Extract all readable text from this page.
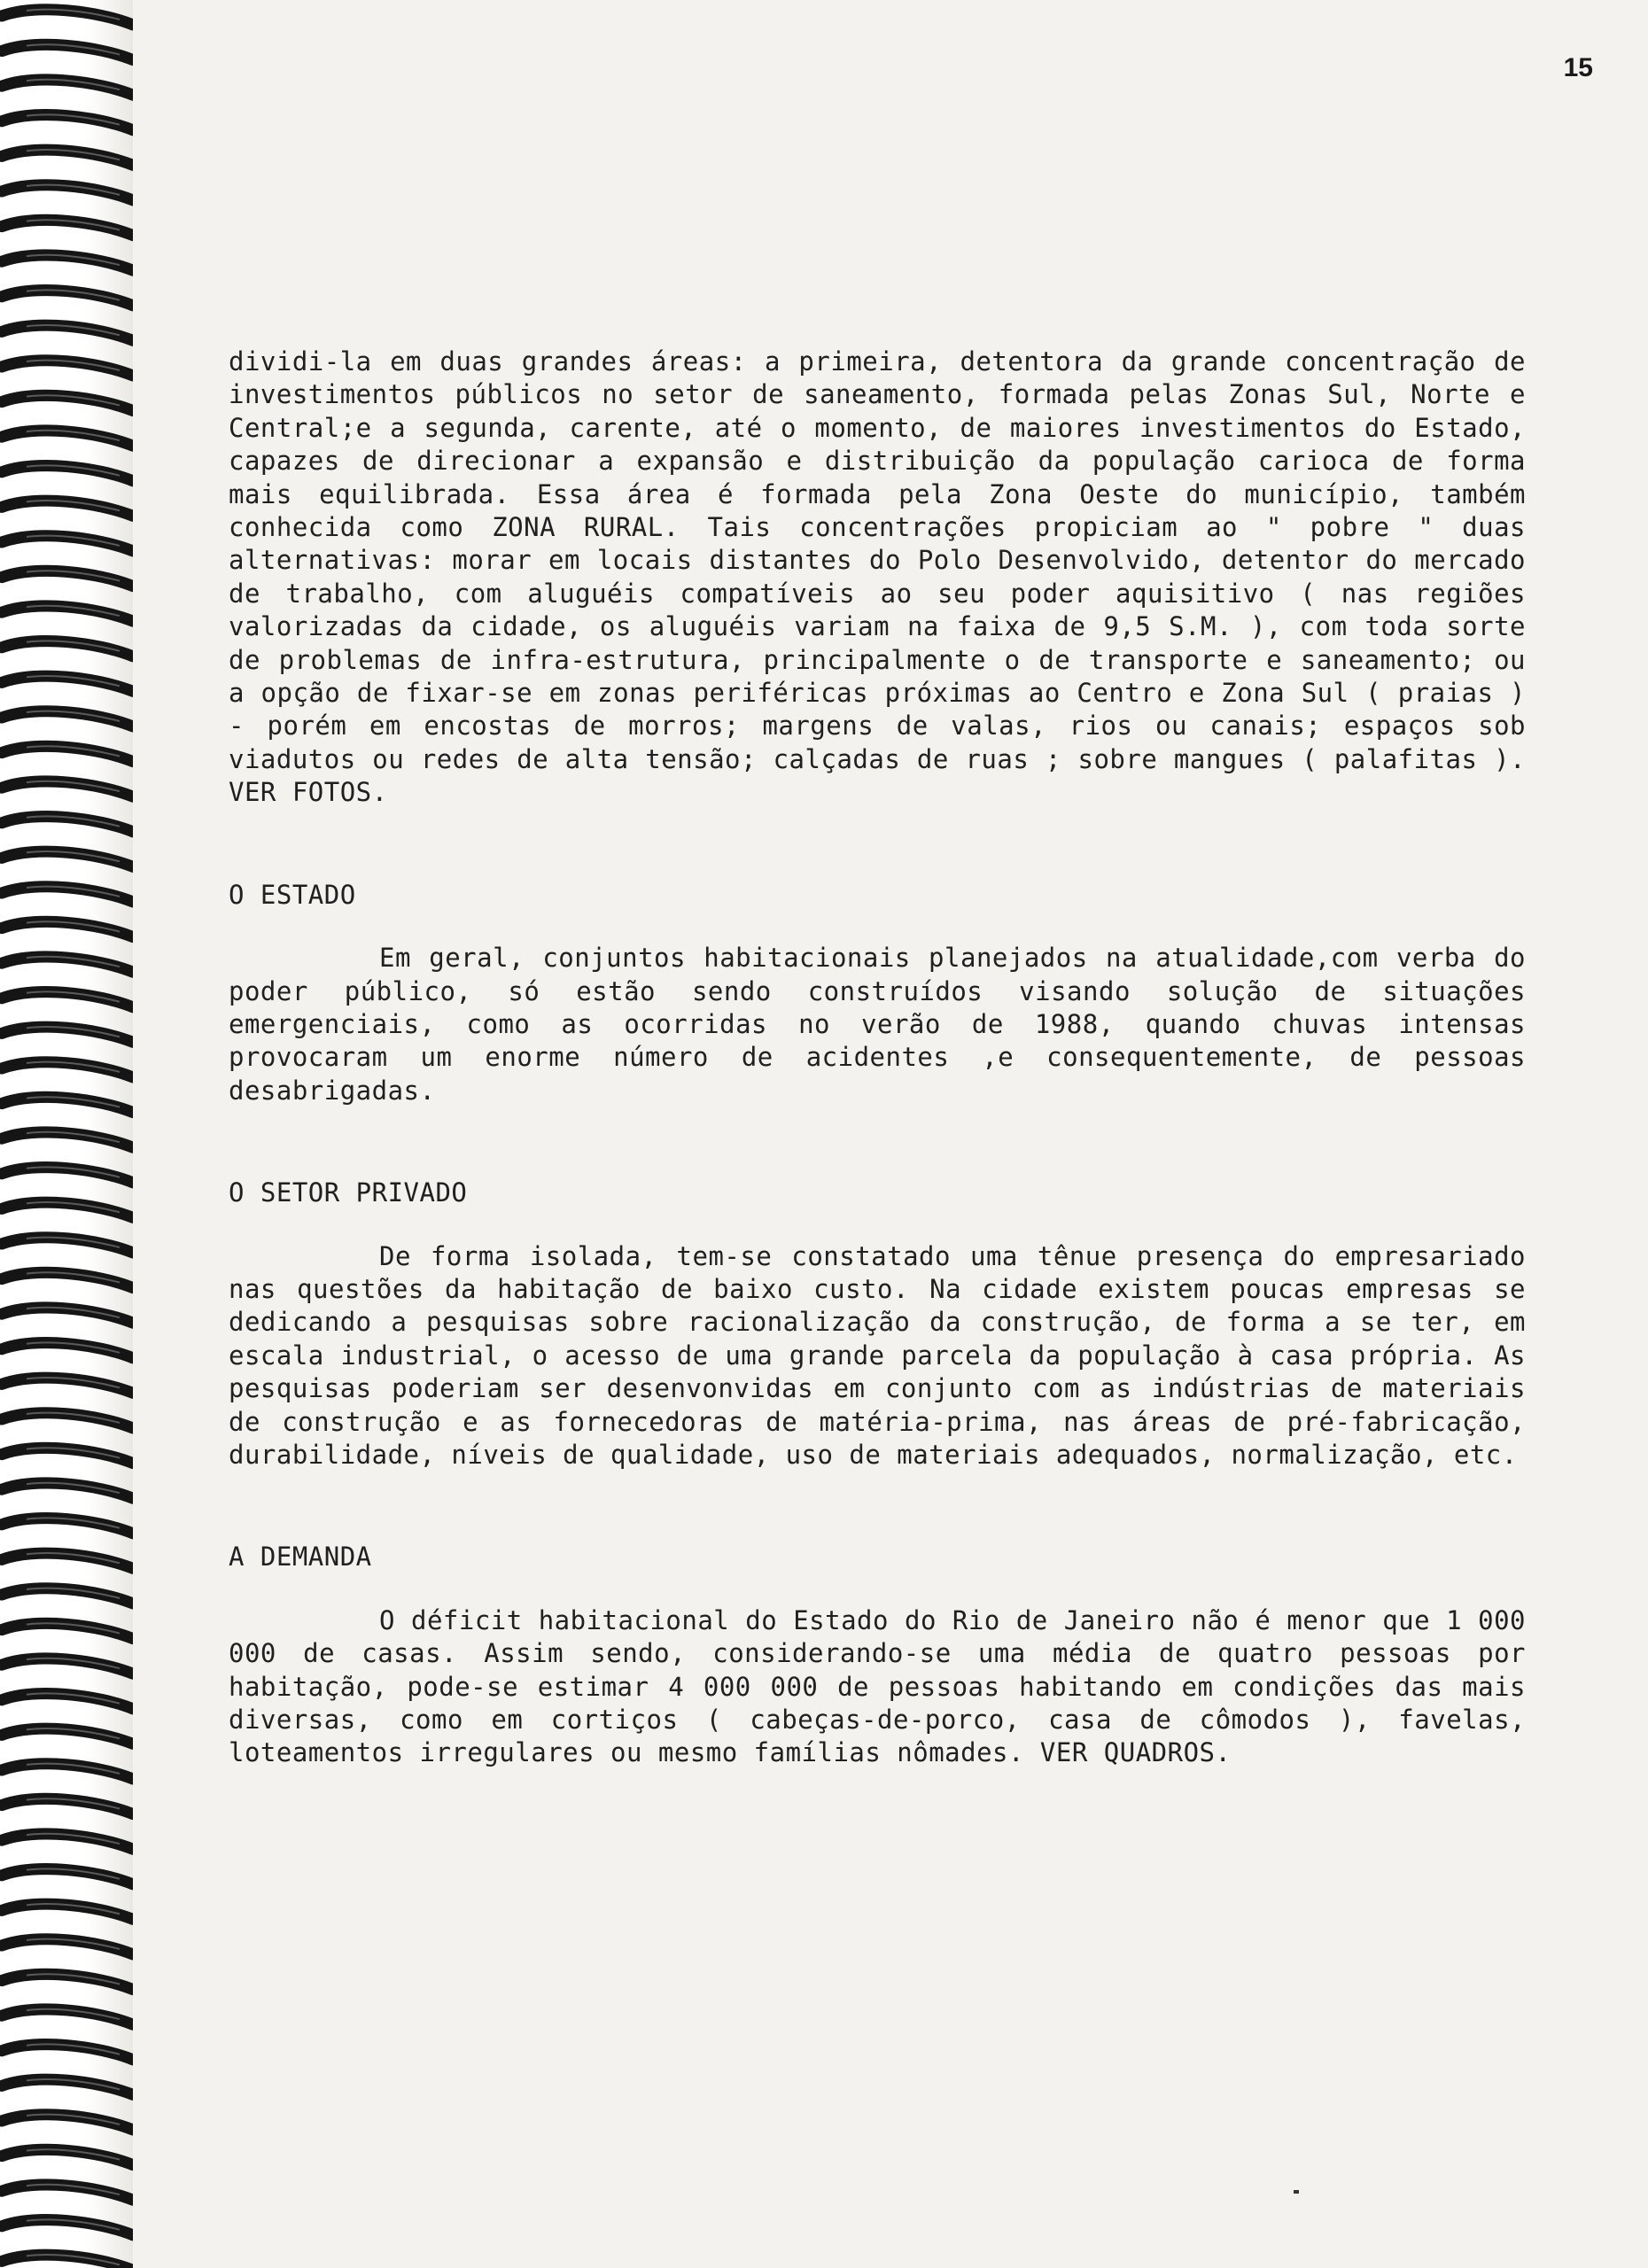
15

dividi-la em duas grandes áreas: a primeira, detentora da grande concentração de investimentos públicos no setor de saneamento, formada pelas Zonas Sul, Norte e Central;e a segunda, carente, até o momento, de maiores investimentos do Estado, capazes de direcionar a expansão e distribuição da população carioca de forma mais equilibrada. Essa área é formada pela Zona Oeste do município, também conhecida como ZONA RURAL. Tais concentrações propiciam ao " pobre " duas alternativas: morar em locais distantes do Polo Desenvolvido, detentor do mercado de trabalho, com aluguéis compatíveis ao seu poder aquisitivo ( nas regiões valorizadas da cidade, os aluguéis variam na faixa de 9,5 S.M. ), com toda sorte de problemas de infra-estrutura, principalmente o de transporte e saneamento; ou a opção de fixar-se em zonas periféricas próximas ao Centro e Zona Sul ( praias ) - porém em encostas de morros; margens de valas, rios ou canais; espaços sob viadutos ou redes de alta tensão; calçadas de ruas ; sobre mangues ( palafitas ). VER FOTOS.

O ESTADO

Em geral, conjuntos habitacionais planejados na atualidade,com verba do poder público, só estão sendo construídos visando solução de situações emergenciais, como as ocorridas no verão de 1988, quando chuvas intensas provocaram um enorme número de acidentes ,e consequentemente, de pessoas desabrigadas.

O SETOR PRIVADO

De forma isolada, tem-se constatado uma tênue presença do empresariado nas questões da habitação de baixo custo. Na cidade existem poucas empresas se dedicando a pesquisas sobre racionalização da construção, de forma a se ter, em escala industrial, o acesso de uma grande parcela da população à casa própria. As pesquisas poderiam ser desenvonvidas em conjunto com as indústrias de materiais de construção e as fornecedoras de matéria-prima, nas áreas de pré-fabricação, durabilidade, níveis de qualidade, uso de materiais adequados, normalização, etc.

A DEMANDA

O déficit habitacional do Estado do Rio de Janeiro não é menor que 1 000 000 de casas. Assim sendo, considerando-se uma média de quatro pessoas por habitação, pode-se estimar 4 000 000 de pessoas habitando em condições das mais diversas, como em cortiços ( cabeças-de-porco, casa de cômodos ), favelas, loteamentos irregulares ou mesmo famílias nômades. VER QUADROS.
